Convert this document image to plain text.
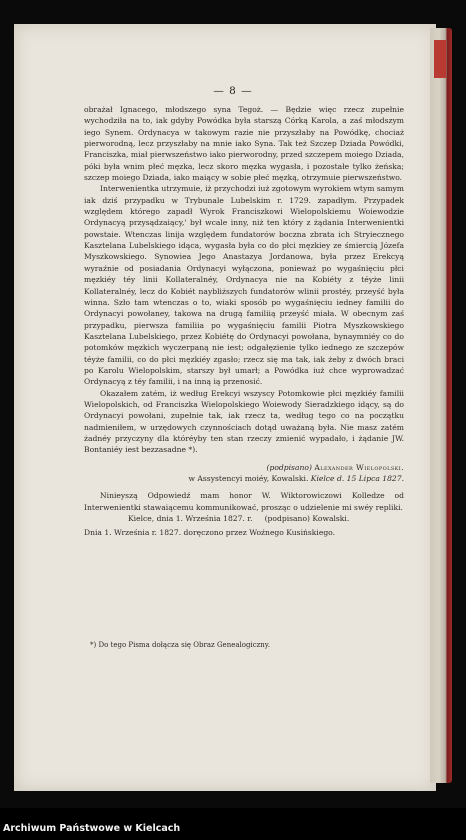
— 8 —

obrażał Ignacego, młodszego syna Tegoż. — Będzie więc rzecz zupełnie wychodziła na to, iak gdyby Powódka była starszą Córką Karola, a zaś młodszym iego Synem. Ordynacya w takowym razie nie przyszłaby na Powódkę, chociaż pierworodną, lecz przyszłaby na mnie iako Syna. Tak też Szczep Dziada Powódki, Franciszka, miał pierwszeństwo iako pierworodny, przed szczepem moiego Dziada, póki była wnim płeć męzka, lecz skoro męzka wygasła, i pozostałe tylko żeńska; szczep moiego Dziada, iako maiący w sobie płeć męzką, otrzymuie pierwszeństwo.

Interwenientka utrzymuie, iż przychodzi iuż zgotowym wyrokiem wtym samym iak dziś przypadku w Trybunale Lubelskim r. 1729. zapadłym. Przypadek względem którego zapadł Wyrok Franciszkowi Wielopolskiemu Woiewodzie Ordynacyą przysądzaiący,' był wcale inny, niż ten który z żądania Interwenientki powstaie. Wtenczas linija względem fundatorów boczna zbrata ich Stryiecznego Kasztelana Lubelskiego idąca, wygasła była co do płci męzkiey ze śmiercią Józefa Myszkowskiego. Synowiea Jego Anastazya Jordanowa, była przez Erekcyą wyraźnie od posiadania Ordynacyi wyłączona, ponieważ po wygaśnięciu płci męzkiéy téy linii Kollateralnéy, Ordynacya nie na Kobiéty z téyże linii Kollateralnéy, lecz do Kobiét naybliższych fundatorów wlinii prostéy, przeyść była winna. Szło tam wtenczas o to, wiaki sposób po wygaśnięciu iedney familii do Ordynacyi powołaney, takowa na drugą familiią przeyść miała. W obecnym zaś przypadku, pierwsza familiia po wygaśnięciu familii Piotra Myszkowskiego Kasztelana Lubelskiego, przez Kobiétę do Ordynacyi powołana, bynaymniéy co do potomków męzkich wyczerpaną nie iest; odgałęzienie tylko iednego ze szczepów téyże familii, co do płci męzkiéy zgasło; rzecz się ma tak, iak żeby z dwóch braci po Karolu Wielopolskim, starszy był umarł; a Powódka iuż chce wyprowadzać Ordynacyą z téy familii, i na inną ią przenosić.

Okazałem zatém, iż według Erekcyi wszyscy Potomkowie płci męzkiéy familii Wielopolskich, od Franciszka Wielopolskiego Woiewody Sieradzkiego idący, są do Ordynacyi powołani, zupełnie tak, iak rzecz ta, według tego co na początku nadmieniłem, w urzędowych czynnościach dotąd uważaną była. Nie masz zatém żadnéy przyczyny dla któréyby ten stan rzeczy zmienić wypadało, i żądanie JW. Bontaniéy iest bezzasadne *).

(podpisano) Alexander Wielopolski.
w Assystencyi moiéy, Kowalski. Kielce d. 15 Lipca 1827.

Ninieyszą Odpowiedź mam honor W. Wiktorowiczowi Kolledze od Interwenientki stawaiącemu kommunikować, prosząc o udzielenie mi swéy repliki.

Kielce, dnia 1. Września 1827. r. (podpisano) Kowalski.

Dnia 1. Września r. 1827. doręczono przez Woźnego Kusińskiego.

*) Do tego Pisma dołącza się Obraz Genealogiczny.
Archiwum Państwowe w Kielcach
